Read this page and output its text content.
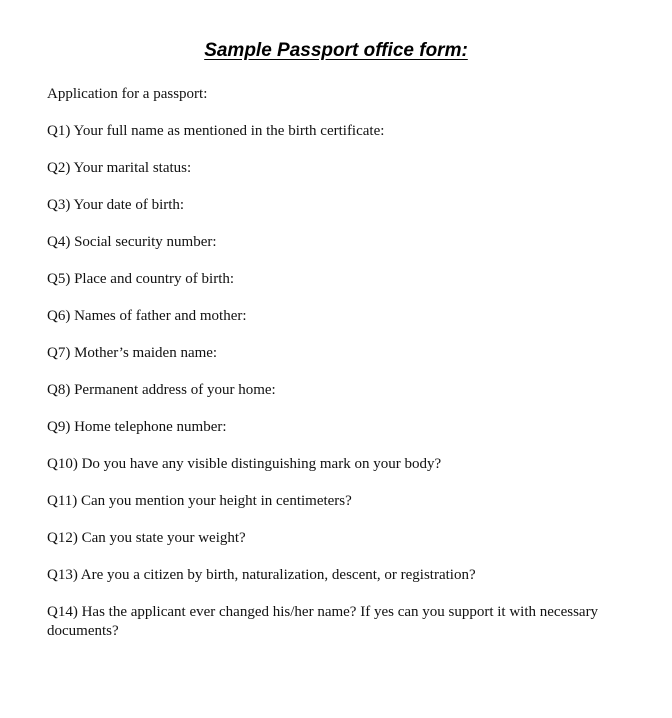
Sample Passport office form:

Application for a passport:

Q1) Your full name as mentioned in the birth certificate:

Q2) Your marital status:

Q3) Your date of birth:

Q4) Social security number:

Q5) Place and country of birth:

Q6) Names of father and mother:

Q7) Mother’s maiden name:

Q8) Permanent address of your home:

Q9) Home telephone number:

Q10) Do you have any visible distinguishing mark on your body?

Q11) Can you mention your height in centimeters?

Q12) Can you state your weight?

Q13) Are you a citizen by birth, naturalization, descent, or registration?

Q14) Has the applicant ever changed his/her name? If yes can you support it with necessary documents?
